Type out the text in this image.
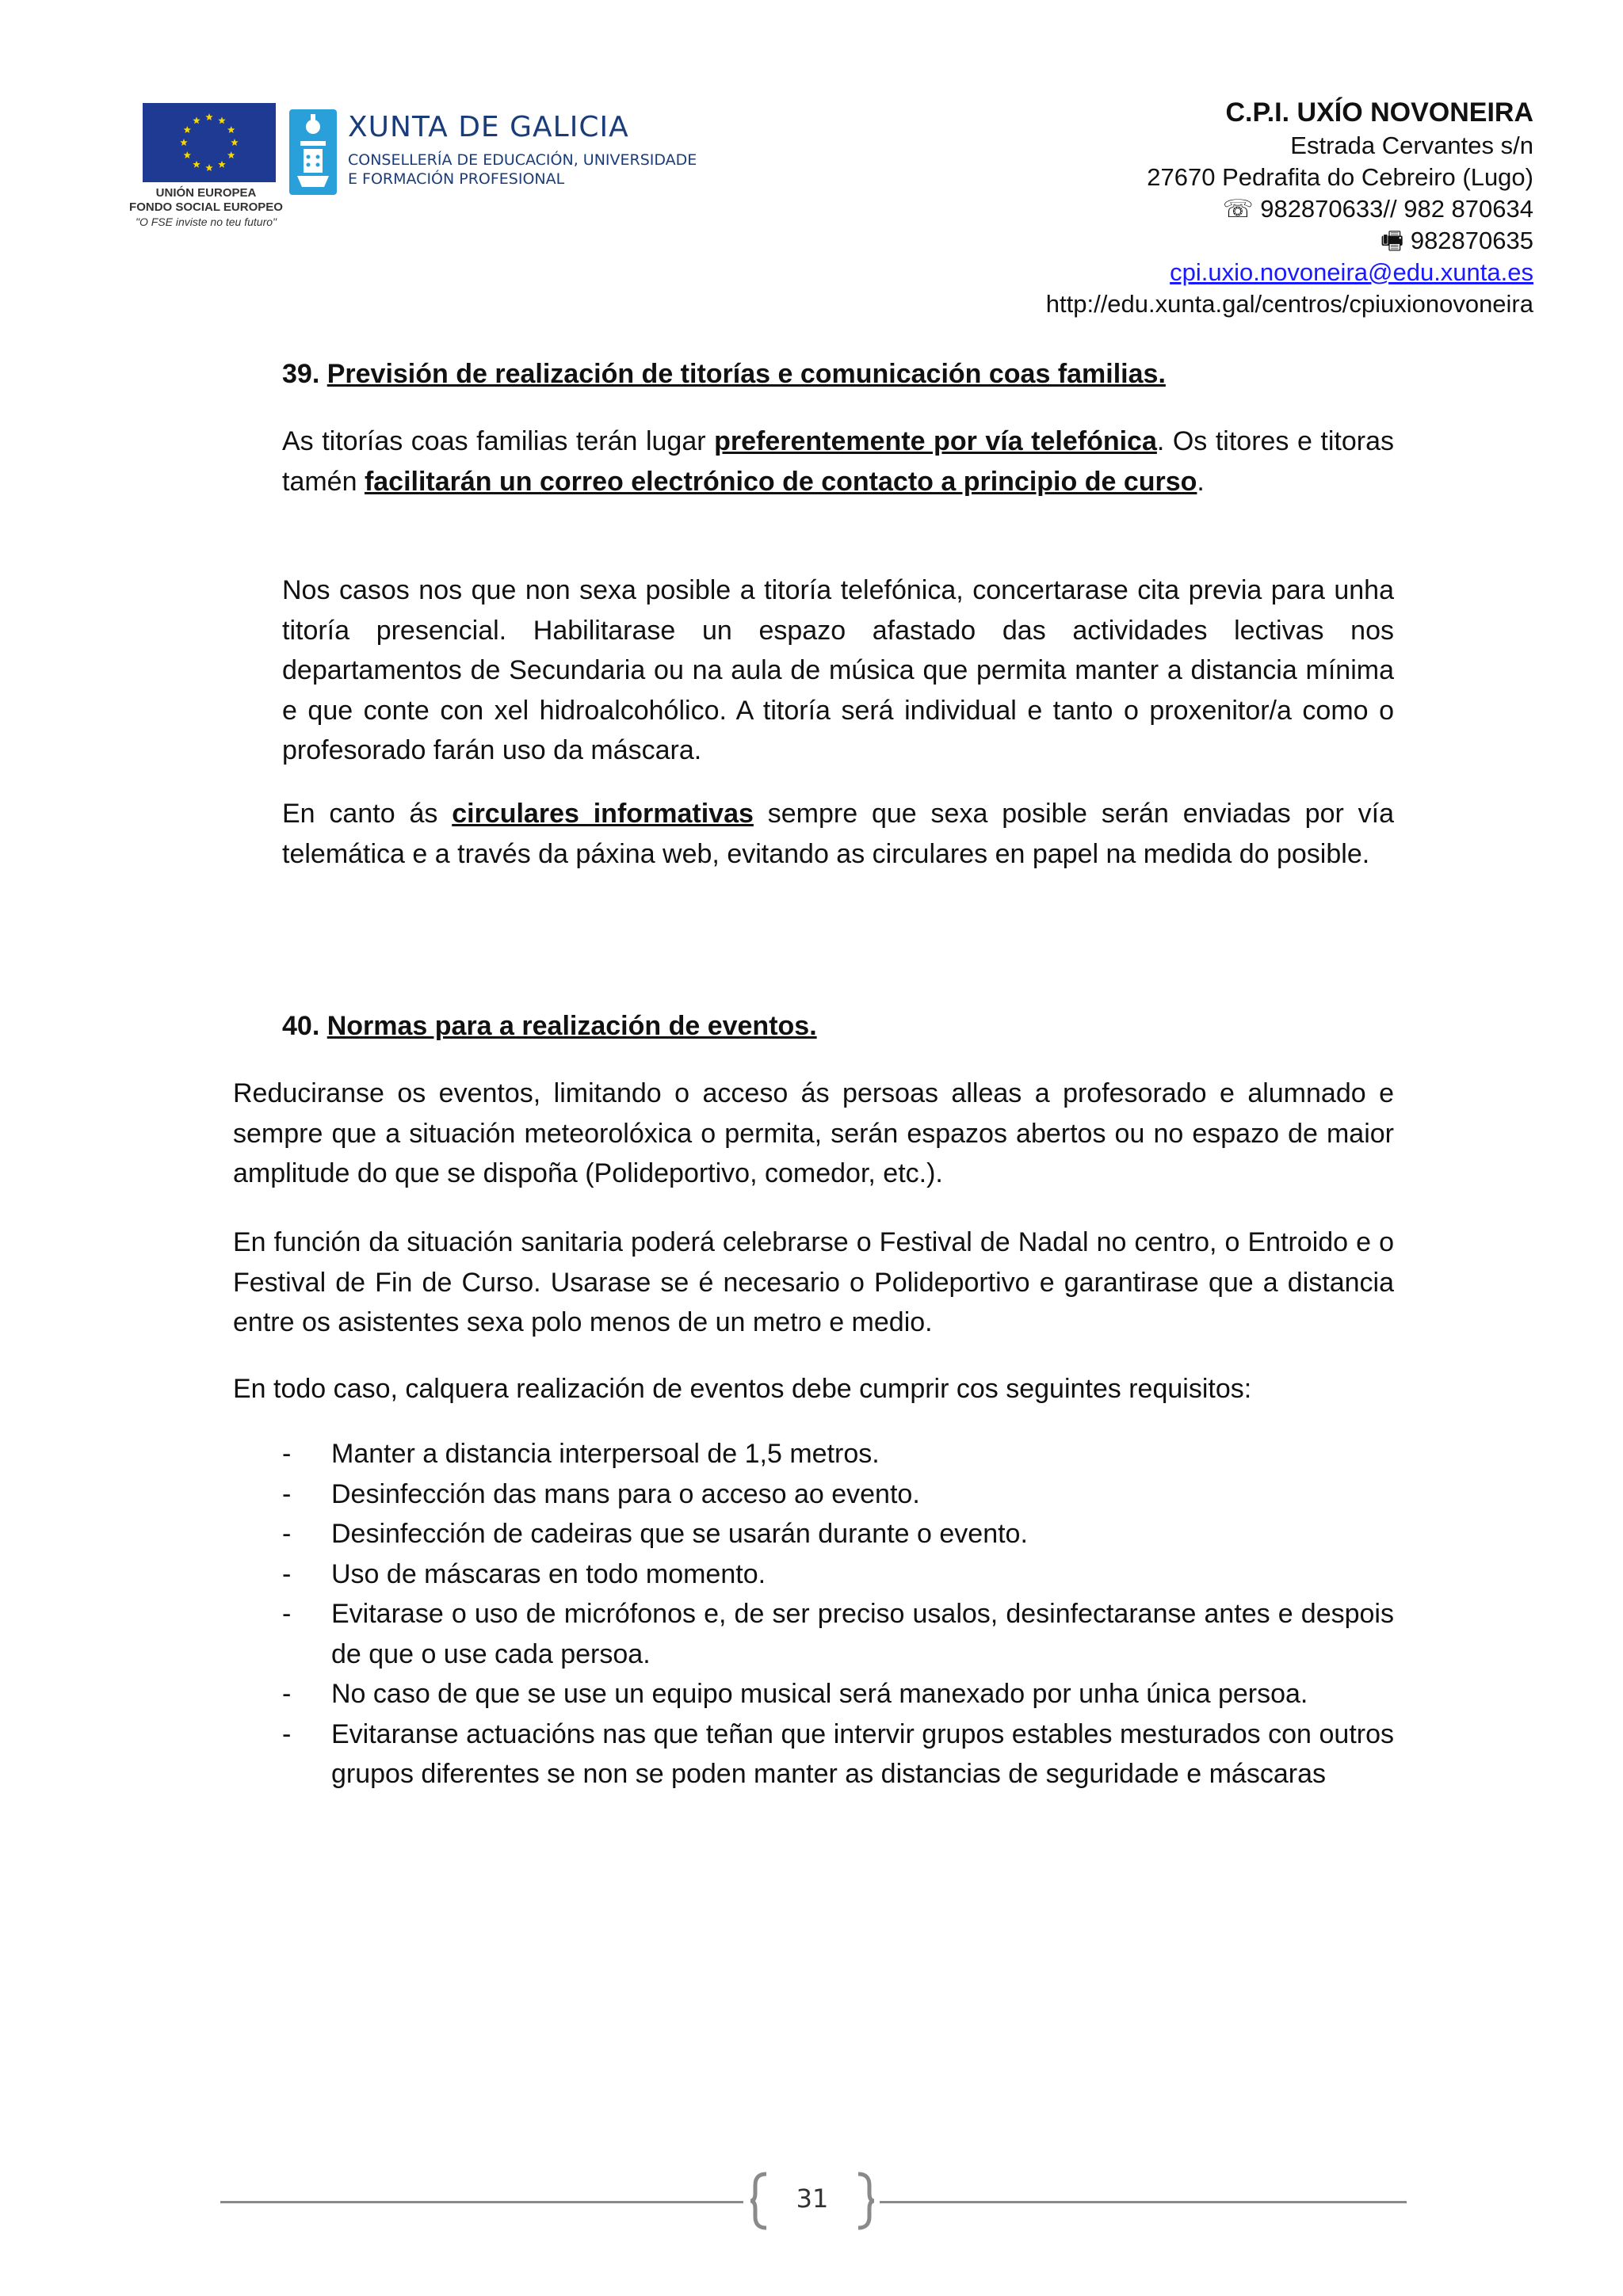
UNIÓN EUROPEA
FONDO SOCIAL EUROPEO
"O FSE inviste no teu futuro"
XUNTA DE GALICIA
CONSELLERÍA DE EDUCACIÓN, UNIVERSIDADE
E FORMACIÓN PROFESIONAL
C.P.I. UXÍO NOVONEIRA
Estrada Cervantes s/n
27670 Pedrafita do Cebreiro (Lugo)
☏ 982870633// 982 870634
🖷 982870635
cpi.uxio.novoneira@edu.xunta.es
http://edu.xunta.gal/centros/cpiuxionovoneira
39. Previsión de realización de titorías e comunicación coas familias.

As titorías coas familias terán lugar preferentemente por vía telefónica. Os titores e titoras tamén facilitarán un correo electrónico de contacto a principio de curso.

Nos casos nos que non sexa posible a titoría telefónica, concertarase cita previa para unha titoría presencial. Habilitarase un espazo afastado das actividades lectivas nos departamentos de Secundaria ou na aula de música que permita manter a distancia mínima e que conte con xel hidroalcohólico. A titoría será individual e tanto o proxenitor/a como o profesorado farán uso da máscara.

En canto ás circulares informativas sempre que sexa posible serán enviadas por vía telemática e a través da páxina web, evitando as circulares en papel na medida do posible.

40. Normas para a realización de eventos.

Reduciranse os eventos, limitando o acceso ás persoas alleas a profesorado e alumnado e sempre que a situación meteorolóxica o permita, serán espazos abertos ou no espazo de maior amplitude do que se dispoña (Polideportivo, comedor, etc.).

En función da situación sanitaria poderá celebrarse o Festival de Nadal no centro, o Entroido e o Festival de Fin de Curso. Usarase se é necesario o Polideportivo e garantirase que a distancia entre os asistentes sexa polo menos de un metro e medio.

En todo caso, calquera realización de eventos debe cumprir cos seguintes requisitos:

- Manter a distancia interpersoal de 1,5 metros.
- Desinfección das mans para o acceso ao evento.
- Desinfección de cadeiras que se usarán durante o evento.
- Uso de máscaras en todo momento.
- Evitarase o uso de micrófonos e, de ser preciso usalos, desinfectaranse antes e despois de que o use cada persoa.
- No caso de que se use un equipo musical será manexado por unha única persoa.
- Evitaranse actuacións nas que teñan que intervir grupos estables mesturados con outros grupos diferentes se non se poden manter as distancias de seguridade e máscaras
31
